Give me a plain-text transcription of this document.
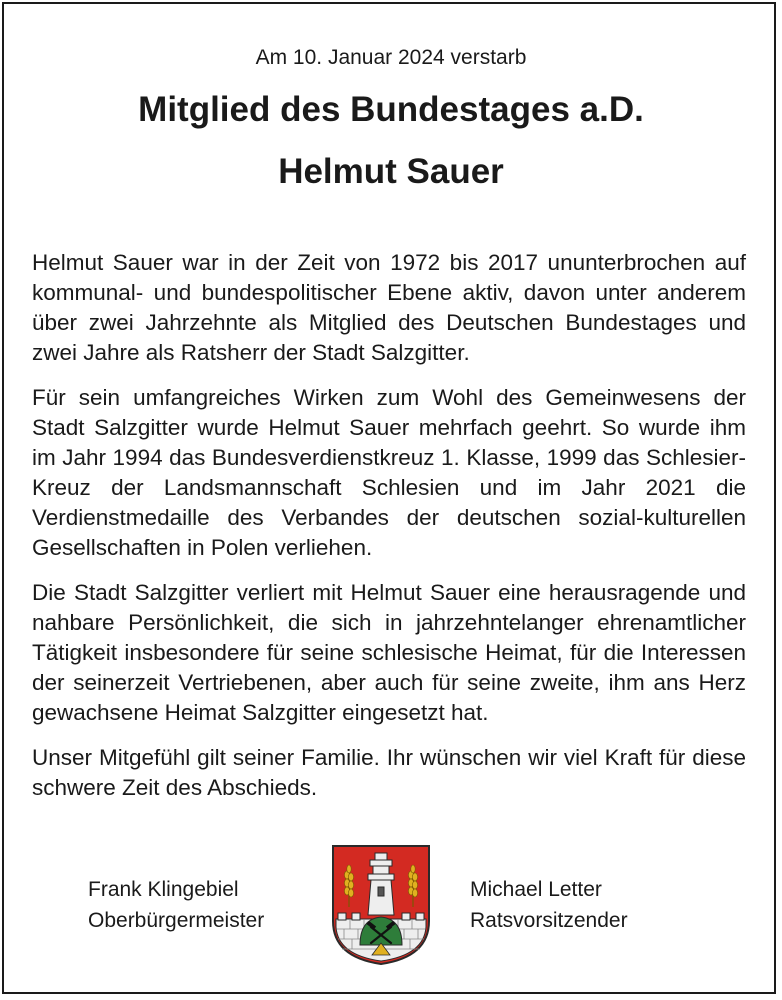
Am 10. Januar 2024 verstarb
Mitglied des Bundestages a.D.
Helmut Sauer

Helmut Sauer war in der Zeit von 1972 bis 2017 ununterbrochen auf kommunal- und bundespolitischer Ebene aktiv, davon unter anderem über zwei Jahrzehnte als Mitglied des Deutschen Bundestages und zwei Jahre als Ratsherr der Stadt Salzgitter.

Für sein umfangreiches Wirken zum Wohl des Gemeinwesens der Stadt Salzgitter wurde Helmut Sauer mehrfach geehrt. So wurde ihm im Jahr 1994 das Bundesverdienstkreuz 1. Klasse, 1999 das Schlesier-Kreuz der Landsmannschaft Schlesien und im Jahr 2021 die Verdienstmedaille des Verbandes der deutschen sozial-kulturellen Gesellschaften in Polen verliehen.

Die Stadt Salzgitter verliert mit Helmut Sauer eine herausragende und nahbare Persönlichkeit, die sich in jahrzehntelanger ehrenamtlicher Tätigkeit insbesondere für seine schlesische Heimat, für die Interessen der seinerzeit Vertriebenen, aber auch für seine zweite, ihm ans Herz gewachsene Heimat Salzgitter eingesetzt hat.

Unser Mitgefühl gilt seiner Familie. Ihr wünschen wir viel Kraft für diese schwere Zeit des Abschieds.

Frank Klingebiel
Oberbürgermeister
Michael Letter
Ratsvorsitzender
